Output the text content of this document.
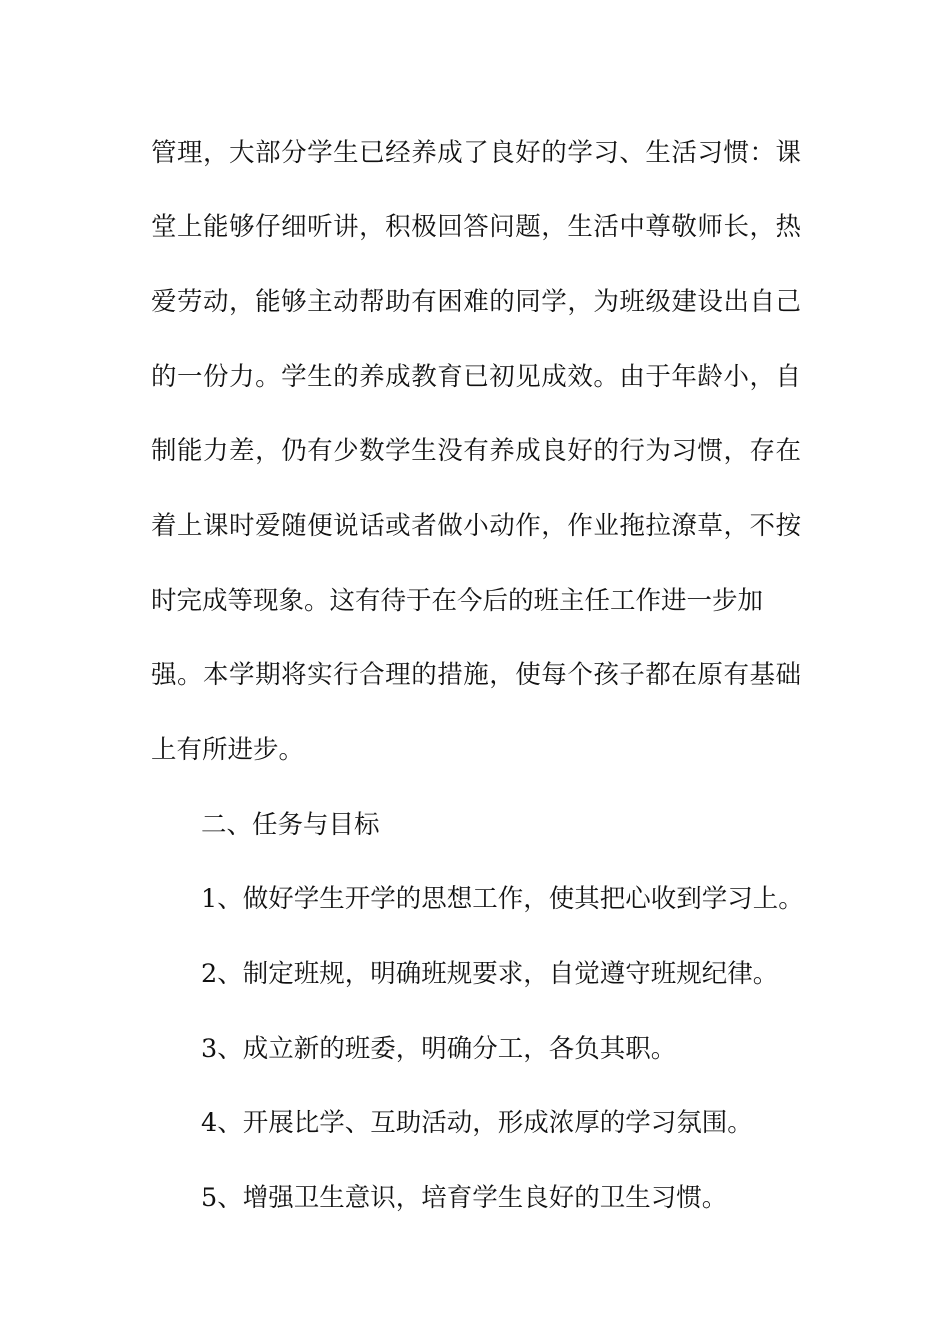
管理，大部分学生已经养成了良好的学习、生活习惯：课

堂上能够仔细听讲，积极回答问题，生活中尊敬师长，热

爱劳动，能够主动帮助有困难的同学，为班级建设出自己

的一份力。学生的养成教育已初见成效。由于年龄小，自

制能力差，仍有少数学生没有养成良好的行为习惯，存在

着上课时爱随便说话或者做小动作，作业拖拉潦草，不按

时完成等现象。这有待于在今后的班主任工作进一步加

强。本学期将实行合理的措施，使每个孩子都在原有基础

上有所进步。

二、任务与目标

1、做好学生开学的思想工作，使其把心收到学习上。

2、制定班规，明确班规要求，自觉遵守班规纪律。

3、成立新的班委，明确分工，各负其职。

4、开展比学、互助活动，形成浓厚的学习氛围。

5、增强卫生意识，培育学生良好的卫生习惯。
